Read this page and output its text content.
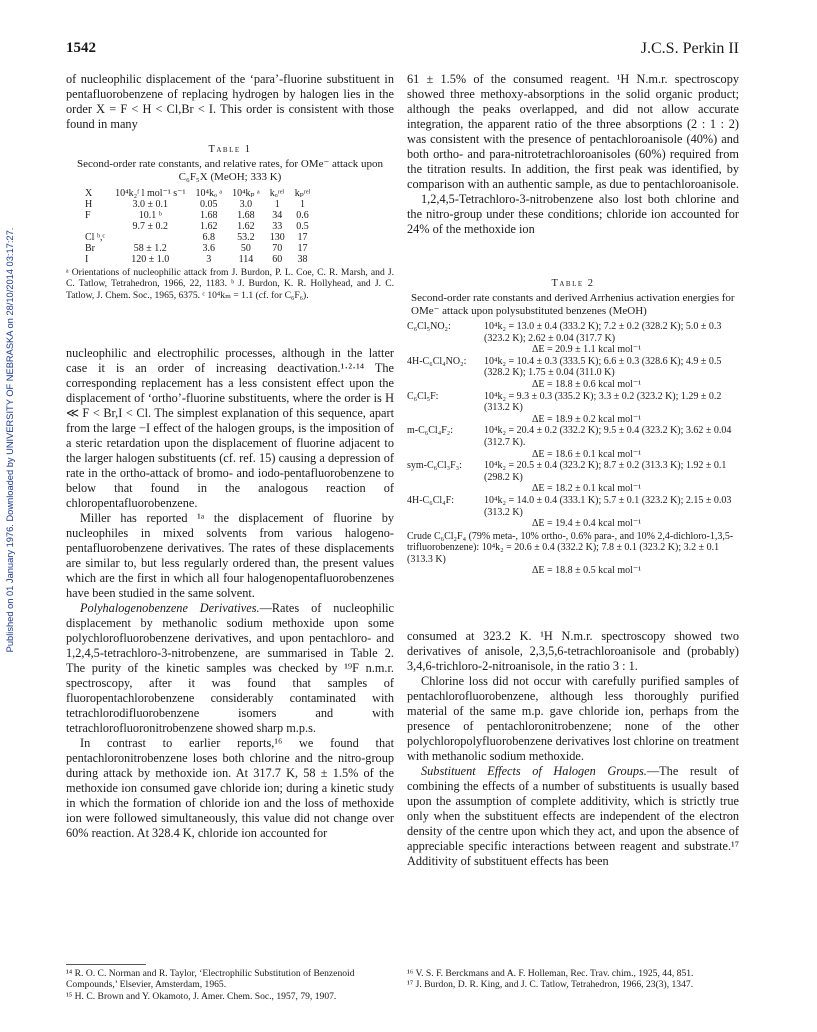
Published on 01 January 1976. Downloaded by UNIVERSITY OF NEBRASKA on 28/10/2014 03:17:27.
1542	J.C.S. Perkin II

of nucleophilic displacement of the ‘para’-fluorine substituent in pentafluorobenzene of replacing hydrogen by halogen lies in the order X = F < H < Cl,Br < I. This order is consistent with those found in many

Table 1
Second-order rate constants, and relative rates, for OMe⁻ attack upon C₆F₅X (MeOH; 333 K)
X	10⁴k₂ᶠ l mol⁻¹ s⁻¹	10⁴kₒ ᵃ	10⁴kₚ ᵃ	kₒʳᵉˡ	kₚʳᵉˡ
H	3.0 ± 0.1	0.05	3.0	1	1
F	10.1 ᵇ	1.68	1.68	34	0.6
	9.7 ± 0.2	1.62	1.62	33	0.5
Cl ᵇ,ᶜ		6.8	53.2	130	17
Br	58 ± 1.2	3.6	50	70	17
I	120 ± 1.0	3	114	60	38
ᵃ Orientations of nucleophilic attack from J. Burdon, P. L. Coe, C. R. Marsh, and J. C. Tatlow, Tetrahedron, 1966, 22, 1183. ᵇ J. Burdon, K. R. Hollyhead, and J. C. Tatlow, J. Chem. Soc., 1965, 6375. ᶜ 10⁴kₘ = 1.1 (cf. for C₆F₆).

nucleophilic and electrophilic processes, although in the latter case it is an order of increasing deactivation.¹·²·¹⁴ The corresponding replacement has a less consistent effect upon the displacement of ‘ortho’-fluorine substituents, where the order is H ≪ F < Br,I < Cl. The simplest explanation of this sequence, apart from the large −I effect of the halogen groups, is the imposition of a steric retardation upon the displacement of fluorine adjacent to the larger halogen substituents (cf. ref. 15) causing a depression of rate in the ortho-attack of bromo- and iodo-pentafluorobenzene to below that found in the analogous reaction of chloropentafluorobenzene.

Miller has reported ¹ᵃ the displacement of fluorine by nucleophiles in mixed solvents from various halogeno-pentafluorobenzene derivatives. The rates of these displacements are similar to, but less regularly ordered than, the present values which are the first in which all four halogenopentafluorobenzenes have been studied in the same solvent.

Polyhalogenobenzene Derivatives.—Rates of nucleophilic displacement by methanolic sodium methoxide upon some polychlorofluorobenzene derivatives, and upon pentachloro- and 1,2,4,5-tetrachloro-3-nitrobenzene, are summarised in Table 2. The purity of the kinetic samples was checked by ¹⁹F n.m.r. spectroscopy, after it was found that samples of fluoropentachlorobenzene considerably contaminated with tetrachlorodifluorobenzene isomers and with tetrachlorofluoronitrobenzene showed sharp m.p.s.

In contrast to earlier reports,¹⁶ we found that pentachloronitrobenzene loses both chlorine and the nitro-group during attack by methoxide ion. At 317.7 K, 58 ± 1.5% of the methoxide ion consumed gave chloride ion; during a kinetic study in which the formation of chloride ion and the loss of methoxide ion were followed simultaneously, this value did not change over 60% reaction. At 328.4 K, chloride ion accounted for

¹⁴ R. O. C. Norman and R. Taylor, ‘Electrophilic Substitution of Benzenoid Compounds,’ Elsevier, Amsterdam, 1965.
¹⁵ H. C. Brown and Y. Okamoto, J. Amer. Chem. Soc., 1957, 79, 1907.

61 ± 1.5% of the consumed reagent. ¹H N.m.r. spectroscopy showed three methoxy-absorptions in the solid organic product; although the peaks overlapped, and did not allow accurate integration, the apparent ratio of the three absorptions (2 : 1 : 2) was consistent with the presence of pentachloroanisole (40%) and both ortho- and para-nitrotetrachloroanisoles (60%) required from the titration results. In addition, the first peak was identified, by comparison with an authentic sample, as due to pentachloroanisole.

1,2,4,5-Tetrachloro-3-nitrobenzene also lost both chlorine and the nitro-group under these conditions; chloride ion accounted for 24% of the methoxide ion

Table 2
Second-order rate constants and derived Arrhenius activation energies for OMe⁻ attack upon polysubstituted benzenes (MeOH)
C₆Cl₅NO₂:	10⁴k₂ = 13.0 ± 0.4 (333.2 K); 7.2 ± 0.2 (328.2 K); 5.0 ± 0.3 (323.2 K); 2.62 ± 0.04 (317.7 K)
ΔE = 20.9 ± 1.1 kcal mol⁻¹
4H-C₆Cl₄NO₂:	10⁴k₂ = 10.4 ± 0.3 (333.5 K); 6.6 ± 0.3 (328.6 K); 4.9 ± 0.5 (328.2 K); 1.75 ± 0.04 (311.0 K)
ΔE = 18.8 ± 0.6 kcal mol⁻¹
C₆Cl₅F:	10⁴k₂ = 9.3 ± 0.3 (335.2 K); 3.3 ± 0.2 (323.2 K); 1.29 ± 0.2 (313.2 K)
ΔE = 18.9 ± 0.2 kcal mol⁻¹
m-C₆Cl₄F₂:	10⁴k₂ = 20.4 ± 0.2 (332.2 K); 9.5 ± 0.4 (323.2 K); 3.62 ± 0.04 (312.7 K).
ΔE = 18.6 ± 0.1 kcal mol⁻¹
sym-C₆Cl₃F₃:	10⁴k₂ = 20.5 ± 0.4 (323.2 K); 8.7 ± 0.2 (313.3 K); 1.92 ± 0.1 (298.2 K)
ΔE = 18.2 ± 0.1 kcal mol⁻¹
4H-C₆Cl₄F:	10⁴k₂ = 14.0 ± 0.4 (333.1 K); 5.7 ± 0.1 (323.2 K); 2.15 ± 0.03 (313.2 K)
ΔE = 19.4 ± 0.4 kcal mol⁻¹
Crude C₆Cl₂F₄ (79% meta-, 10% ortho-, 0.6% para-, and 10% 2,4-dichloro-1,3,5-trifluorobenzene): 10⁴k₂ = 20.6 ± 0.4 (332.2 K); 7.8 ± 0.1 (323.2 K); 3.2 ± 0.1 (313.3 K)
ΔE = 18.8 ± 0.5 kcal mol⁻¹

consumed at 323.2 K. ¹H N.m.r. spectroscopy showed two derivatives of anisole, 2,3,5,6-tetrachloroanisole and (probably) 3,4,6-trichloro-2-nitroanisole, in the ratio 3 : 1.

Chlorine loss did not occur with carefully purified samples of pentachlorofluorobenzene, although less thoroughly purified material of the same m.p. gave chloride ion, perhaps from the presence of pentachloronitrobenzene; none of the other polychloropolyfluorobenzene derivatives lost chlorine on treatment with methanolic sodium methoxide.

Substituent Effects of Halogen Groups.—The result of combining the effects of a number of substituents is usually based upon the assumption of complete additivity, which is strictly true only when the substituent effects are independent of the electron density of the centre upon which they act, and upon the absence of appreciable specific interactions between reagent and substrate.¹⁷ Additivity of substituent effects has been

¹⁶ V. S. F. Berckmans and A. F. Holleman, Rec. Trav. chim., 1925, 44, 851.
¹⁷ J. Burdon, D. R. King, and J. C. Tatlow, Tetrahedron, 1966, 23(3), 1347.
